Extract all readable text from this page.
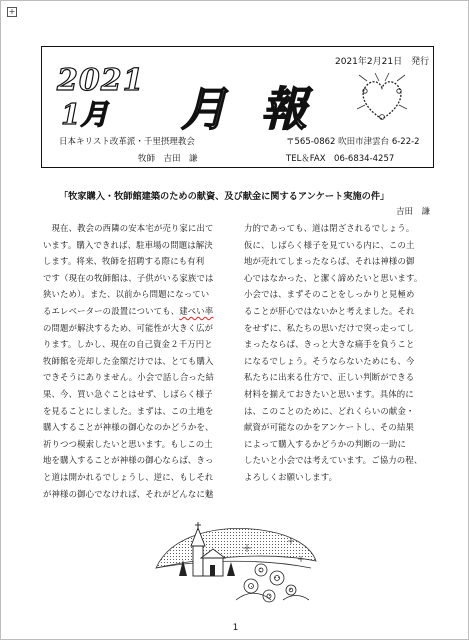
+
2021年2月21日　発行
2021
1月 月 報
日本キリスト改革派・千里摂理教会
牧師　吉田　謙
〒565-0862 吹田市津雲台 6-22-2
TEL＆FAX　06-6834-4257
「牧家購入・牧師館建築のための献資、及び献金に関するアンケート実施の件」
吉田　謙

　現在、教会の西隣の安本宅が売り家に出て

います。購入できれば、駐車場の問題は解決

します。将来、牧師を招聘する際にも有利

です（現在の牧師館は、子供がいる家族では

狭いため）。また、以前から問題になってい

るエレベーターの設置についても、建ぺい率

の問題が解決するため、可能性が大きく広が

ります。しかし、現在の自己資金２千万円と

牧師館を売却した金額だけでは、とても購入

できそうにありません。小会で話し合った結

果、今、買い急ぐことはせず、しばらく様子

を見ることにしました。まずは、この土地を

購入することが神様の御心なのかどうかを、

祈りつつ模索したいと思います。もしこの土

地を購入することが神様の御心ならば、きっ

と道は開かれるでしょうし、逆に、もしそれ

が神様の御心でなければ、それがどんなに魅

力的であっても、道は閉ざされるでしょう。

仮に、しばらく様子を見ている内に、この土

地が売れてしまったならば、それは神様の御

心ではなかった、と潔く諦めたいと思います。

小会では、まずそのことをしっかりと見極め

ることが肝心ではないかと考えました。それ

をせずに、私たちの思いだけで突っ走ってし

まったならば、きっと大きな痛手を負うこと

になるでしょう。そうならないためにも、今

私たちに出来る仕方で、正しい判断ができる

材料を揃えておきたいと思います。具体的に

は、このことのために、どれくらいの献金・

献資が可能なのかをアンケートし、その結果

によって購入するかどうかの判断の一助に

したいと小会では考えています。ご協力の程、

よろしくお願いします。

1
